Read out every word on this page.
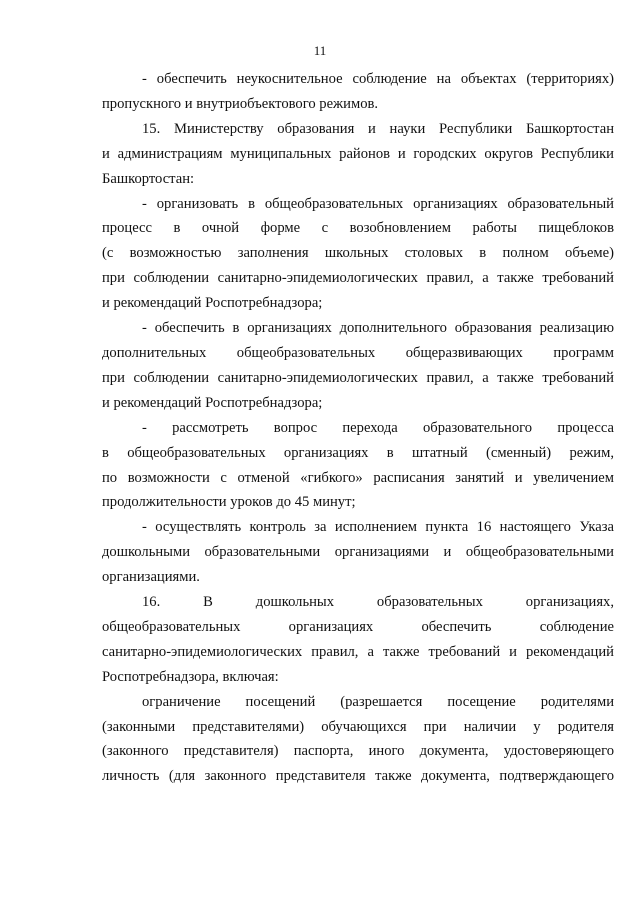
11
- обеспечить неукоснительное соблюдение на объектах (территориях)
пропускного и внутриобъектового режимов.
15. Министерству образования и науки Республики Башкортостан
и администрациям муниципальных районов и городских округов Республики
Башкортостан:
- организовать в общеобразовательных организациях образовательный
процесс в очной форме с возобновлением работы пищеблоков
(с возможностью заполнения школьных столовых в полном объеме)
при соблюдении санитарно-эпидемиологических правил, а также требований
и рекомендаций Роспотребнадзора;
- обеспечить в организациях дополнительного образования реализацию
дополнительных общеобразовательных общеразвивающих программ
при соблюдении санитарно-эпидемиологических правил, а также требований
и рекомендаций Роспотребнадзора;
- рассмотреть вопрос перехода образовательного процесса
в общеобразовательных организациях в штатный (сменный) режим,
по возможности с отменой «гибкого» расписания занятий и увеличением
продолжительности уроков до 45 минут;
- осуществлять контроль за исполнением пункта 16 настоящего Указа
дошкольными образовательными организациями и общеобразовательными
организациями.
16. В дошкольных образовательных организациях,
общеобразовательных организациях обеспечить соблюдение
санитарно-эпидемиологических правил, а также требований и рекомендаций
Роспотребнадзора, включая:
ограничение посещений (разрешается посещение родителями
(законными представителями) обучающихся при наличии у родителя
(законного представителя) паспорта, иного документа, удостоверяющего
личность (для законного представителя также документа, подтверждающего
